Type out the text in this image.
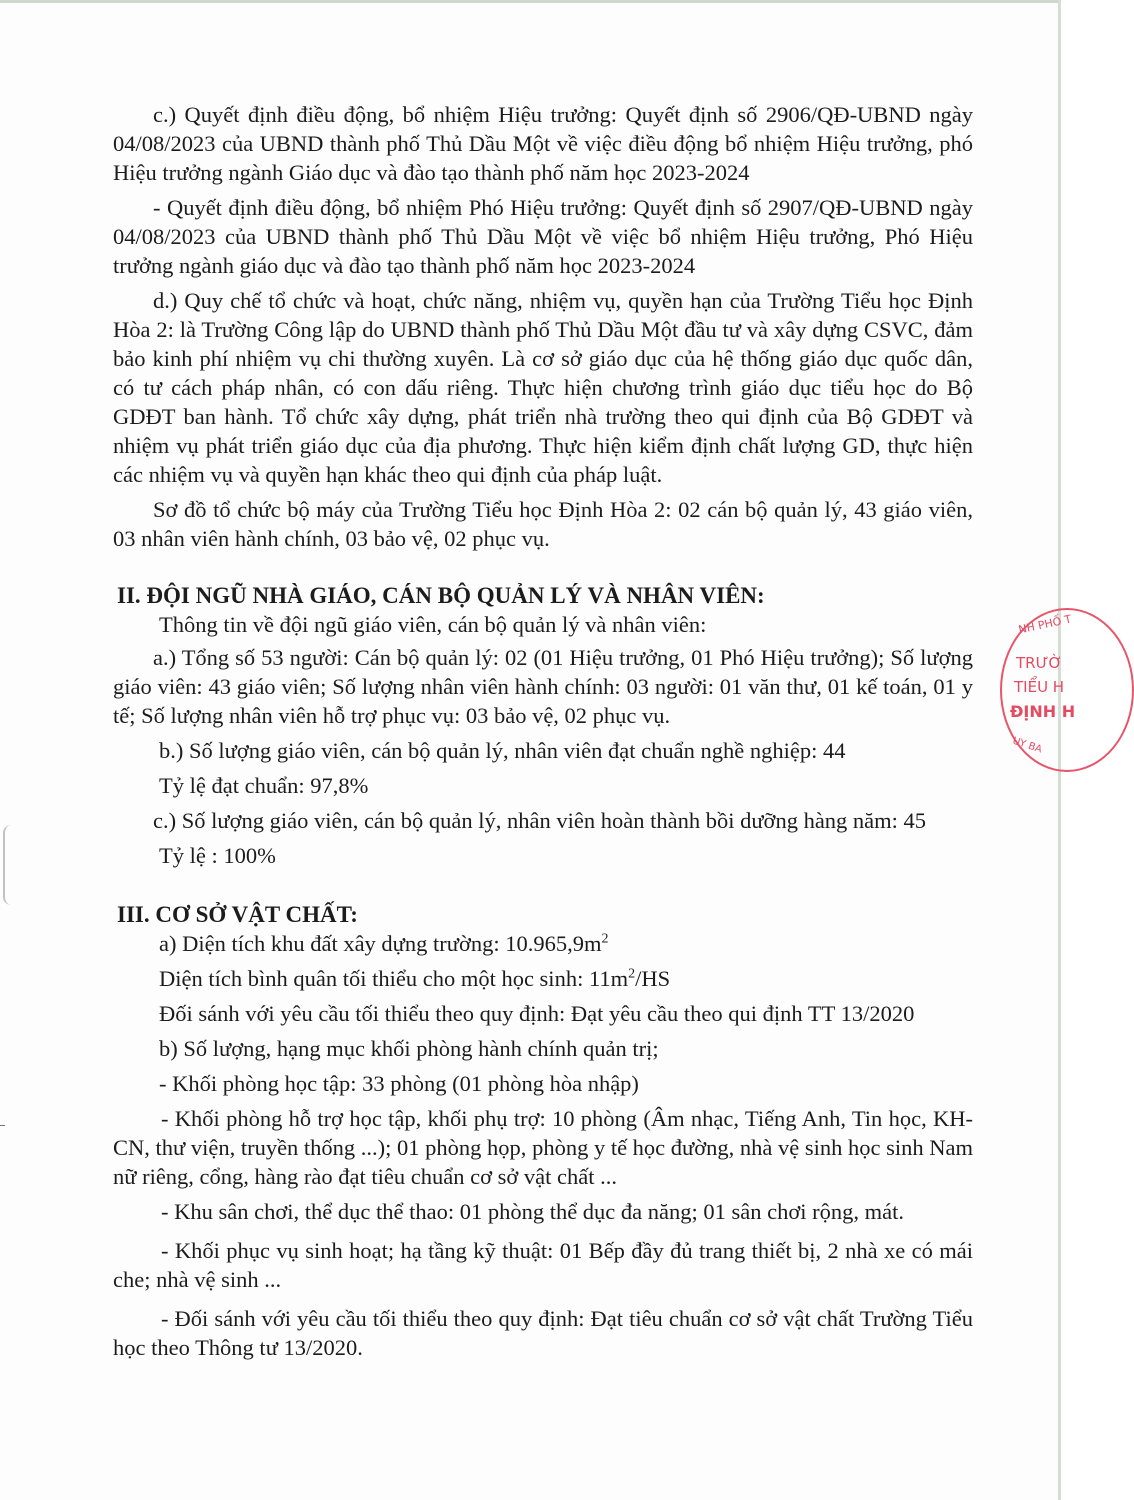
c.) Quyết định điều động, bổ nhiệm Hiệu trưởng: Quyết định số 2906/QĐ-UBND ngày 04/08/2023 của UBND thành phố Thủ Dầu Một về việc điều động bổ nhiệm Hiệu trưởng, phó Hiệu trưởng ngành Giáo dục và đào tạo thành phố năm học 2023-2024

- Quyết định điều động, bổ nhiệm Phó Hiệu trưởng: Quyết định số 2907/QĐ-UBND ngày 04/08/2023 của UBND thành phố Thủ Dầu Một về việc bổ nhiệm Hiệu trưởng, Phó Hiệu trưởng ngành giáo dục và đào tạo thành phố năm học 2023-2024

d.) Quy chế tổ chức và hoạt, chức năng, nhiệm vụ, quyền hạn của Trường Tiểu học Định Hòa 2: là Trường Công lập do UBND thành phố Thủ Dầu Một đầu tư và xây dựng CSVC, đảm bảo kinh phí nhiệm vụ chi thường xuyên. Là cơ sở giáo dục của hệ thống giáo dục quốc dân, có tư cách pháp nhân, có con dấu riêng. Thực hiện chương trình giáo dục tiểu học do Bộ GDĐT ban hành. Tổ chức xây dựng, phát triển nhà trường theo qui định của Bộ GDĐT và nhiệm vụ phát triển giáo dục của địa phương. Thực hiện kiểm định chất lượng GD, thực hiện các nhiệm vụ và quyền hạn khác theo qui định của pháp luật.

Sơ đồ tổ chức bộ máy của Trường Tiểu học Định Hòa 2: 02 cán bộ quản lý, 43 giáo viên, 03 nhân viên hành chính, 03 bảo vệ, 02 phục vụ.

II. ĐỘI NGŨ NHÀ GIÁO, CÁN BỘ QUẢN LÝ VÀ NHÂN VIÊN:

Thông tin về đội ngũ giáo viên, cán bộ quản lý và nhân viên:

a.) Tổng số 53 người: Cán bộ quản lý: 02 (01 Hiệu trưởng, 01 Phó Hiệu trưởng); Số lượng giáo viên: 43 giáo viên; Số lượng nhân viên hành chính: 03 người: 01 văn thư, 01 kế toán, 01 y tế; Số lượng nhân viên hỗ trợ phục vụ: 03 bảo vệ, 02 phục vụ.

b.) Số lượng giáo viên, cán bộ quản lý, nhân viên đạt chuẩn nghề nghiệp: 44

Tỷ lệ đạt chuẩn: 97,8%

c.) Số lượng giáo viên, cán bộ quản lý, nhân viên hoàn thành bồi dưỡng hàng năm: 45

Tỷ lệ : 100%

III. CƠ SỞ VẬT CHẤT:

a) Diện tích khu đất xây dựng trường: $10.965,9m^2$

Diện tích bình quân tối thiểu cho một học sinh: $11m^2/HS$

Đối sánh với yêu cầu tối thiểu theo quy định: Đạt yêu cầu theo qui định TT 13/2020

b) Số lượng, hạng mục khối phòng hành chính quản trị;

- Khối phòng học tập: 33 phòng (01 phòng hòa nhập)

- Khối phòng hỗ trợ học tập, khối phụ trợ: 10 phòng (Âm nhạc, Tiếng Anh, Tin học, KH-CN, thư viện, truyền thống ...); 01 phòng họp, phòng y tế học đường, nhà vệ sinh học sinh Nam nữ riêng, cổng, hàng rào đạt tiêu chuẩn cơ sở vật chất ...

- Khu sân chơi, thể dục thể thao: 01 phòng thể dục đa năng; 01 sân chơi rộng, mát.

- Khối phục vụ sinh hoạt; hạ tầng kỹ thuật: 01 Bếp đầy đủ trang thiết bị, 2 nhà xe có mái che; nhà vệ sinh ...

- Đối sánh với yêu cầu tối thiểu theo quy định: Đạt tiêu chuẩn cơ sở vật chất Trường Tiểu học theo Thông tư 13/2020.

NH PHỐ T
TRƯỜ
TIỂU H
ĐỊNH H
UY BA
